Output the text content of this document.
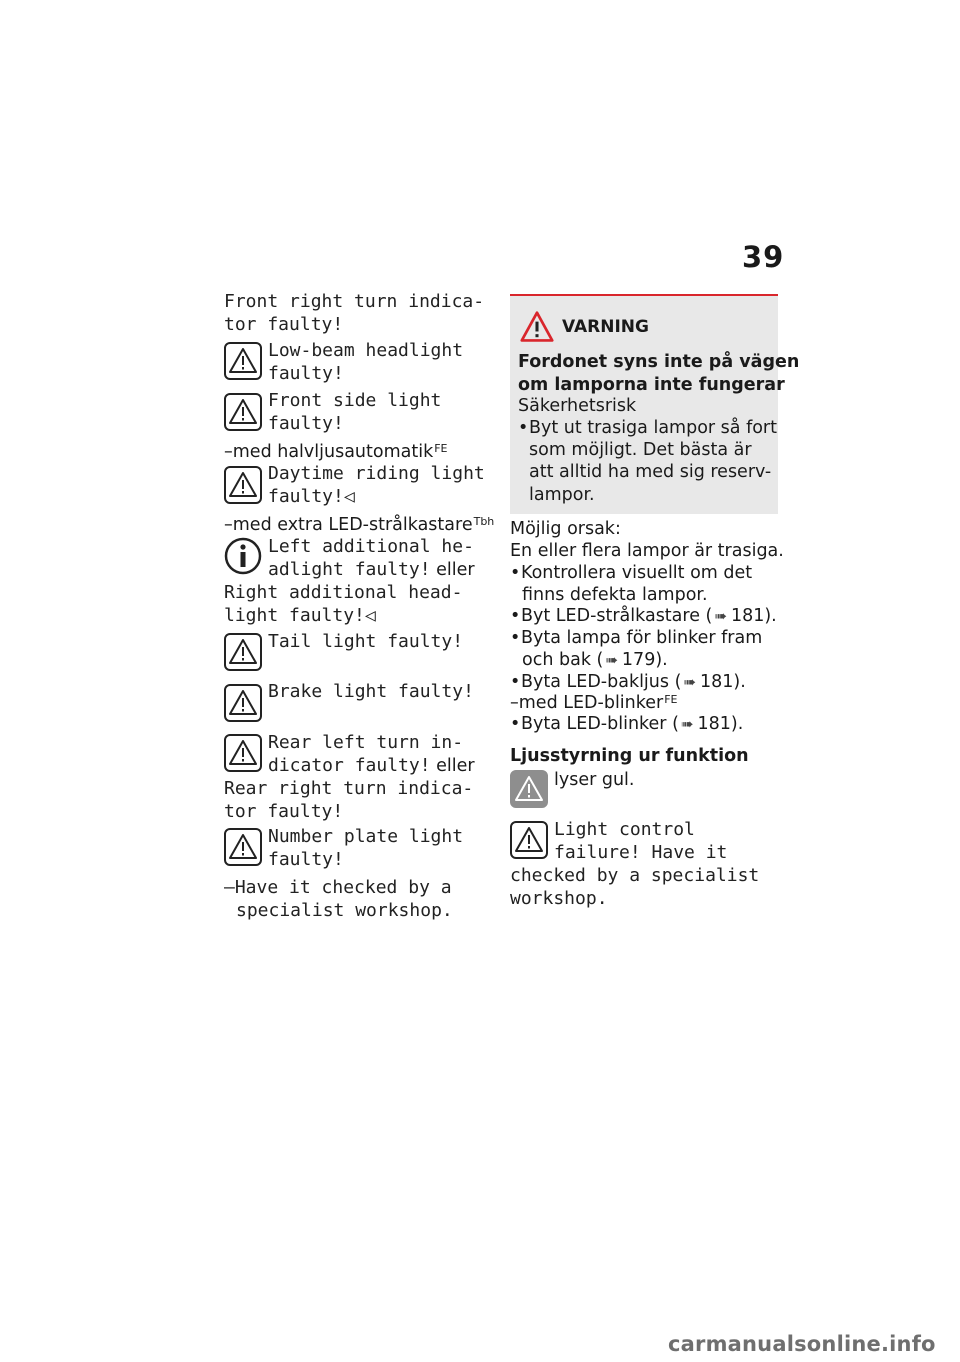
39
Front right turn indica-
tor faulty!
Low-beam headlight
faulty!
Front side light
faulty!
–med halvljusautomatik$^{FE}$
Daytime riding light
faulty!◁
–med extra LED-strålkastare$^{Tbh}$
Left additional he-
adlight faulty! eller
Right additional head-
light faulty!◁
Tail light faulty!
Brake light faulty!
Rear left turn in-
dicator faulty! eller
Rear right turn indica-
tor faulty!
Number plate light
faulty!
–Have it checked by a
specialist workshop.
VARNING
Fordonet syns inte på vägen
om lamporna inte fungerar
Säkerhetsrisk
• Byt ut trasiga lampor så fort
som möjligt. Det bästa är
att alltid ha med sig reserv-
lampor.
Möjlig orsak:
En eller flera lampor är trasiga.
• Kontrollera visuellt om det
finns defekta lampor.
• Byt LED-strålkastare ( ➠ 181).
• Byta lampa för blinker fram
och bak ( ➠ 179).
• Byta LED-bakljus ( ➠ 181).
–med LED-blinker$^{FE}$
• Byta LED-blinker ( ➠ 181).
Ljusstyrning ur funktion
lyser gul.
Light control
failure! Have it
checked by a specialist
workshop.
carmanualsonline.info
